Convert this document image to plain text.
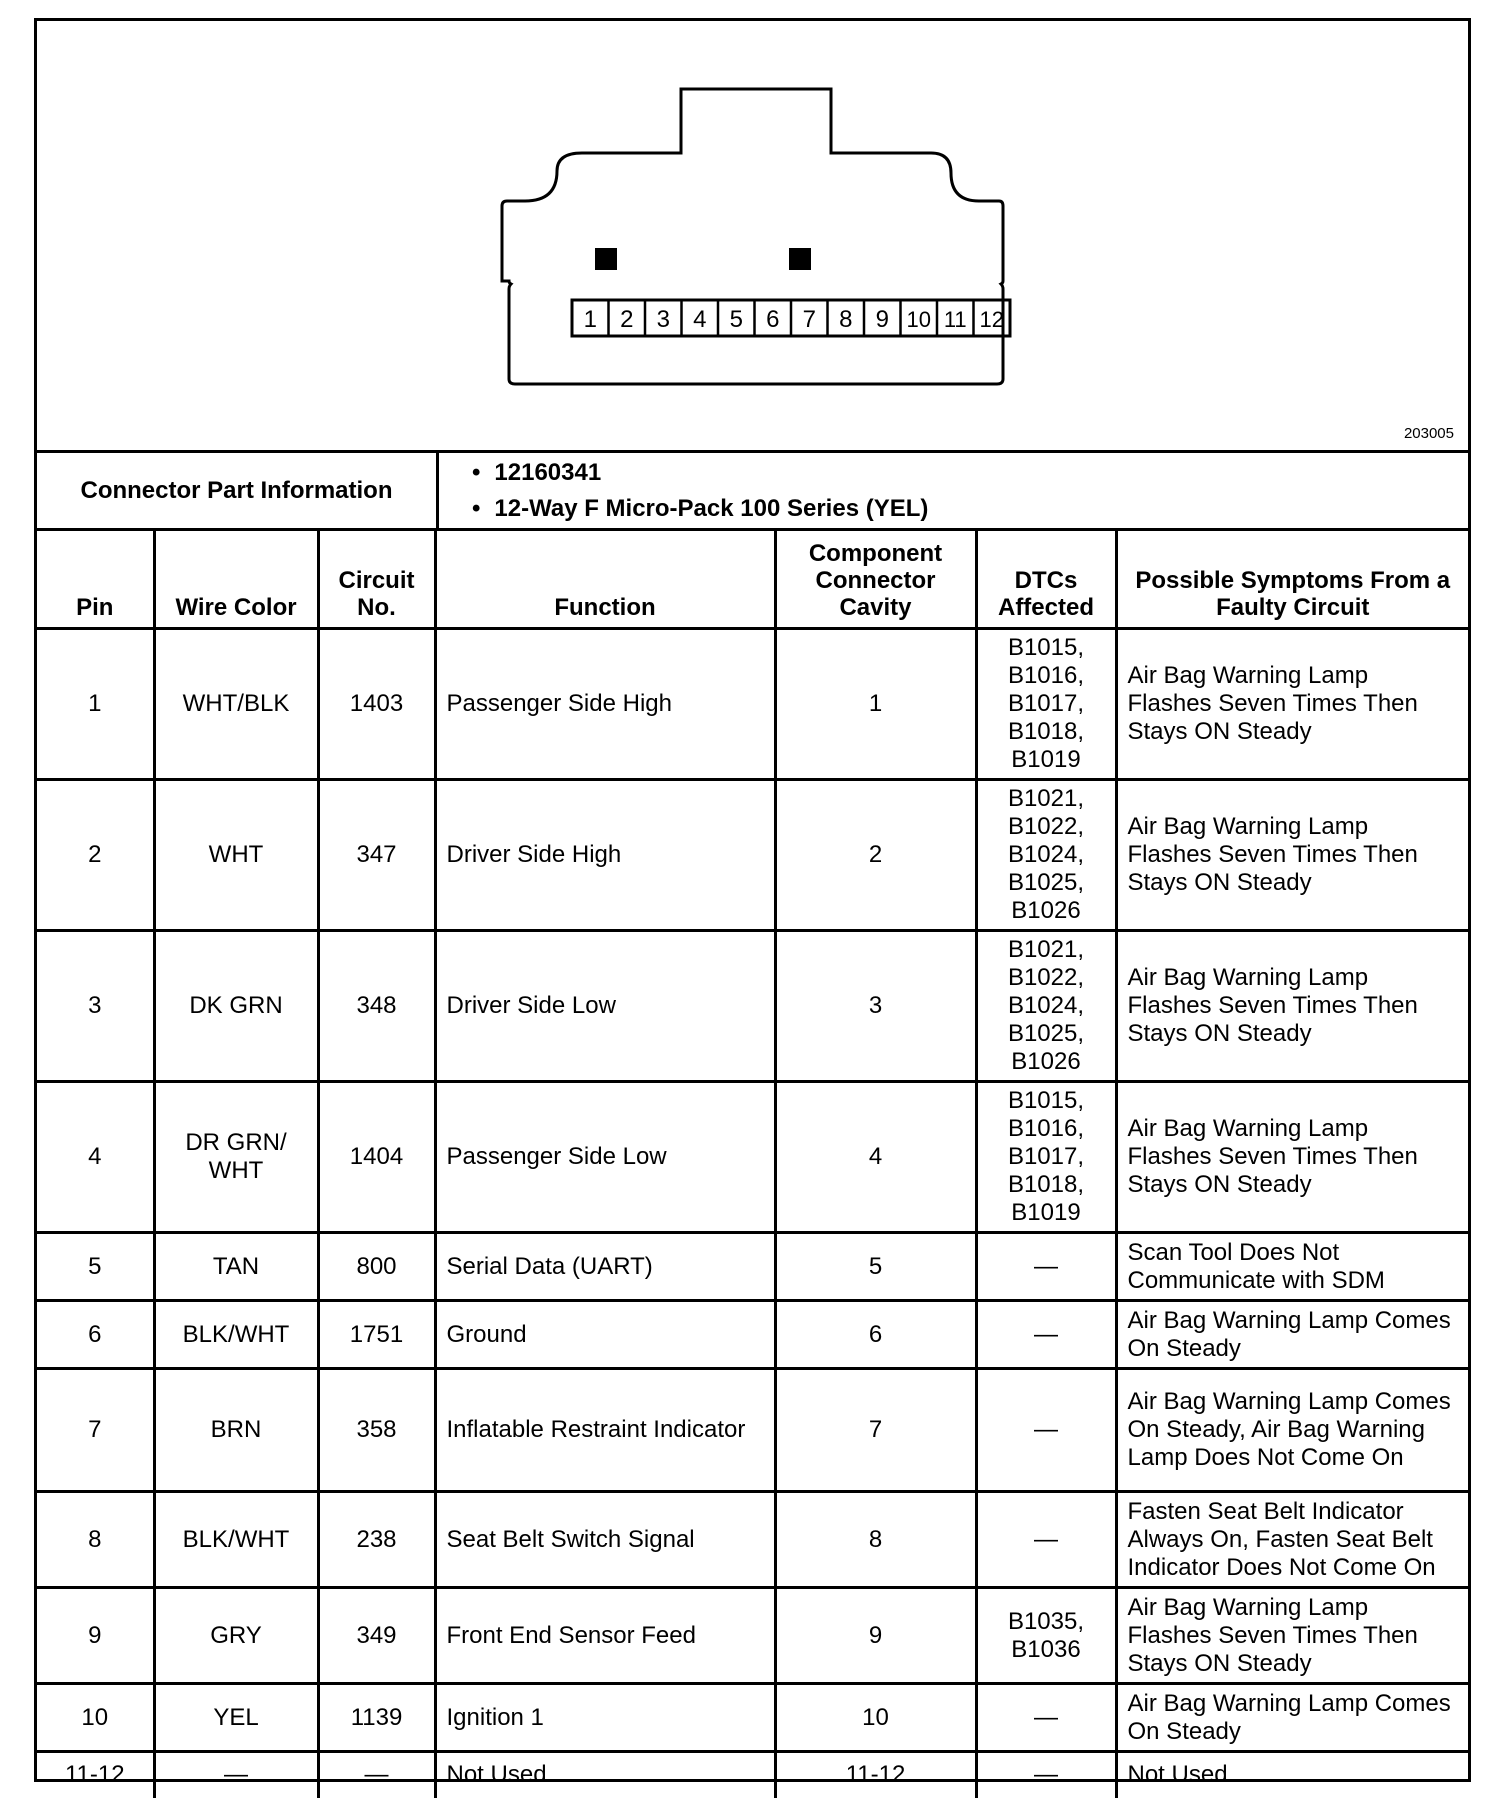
1 2 3 4 5 6 7 8 9 10 11 12
203005
Connector Part Information
• 12160341
• 12-Way F Micro-Pack 100 Series (YEL)
Pin	Wire Color	Circuit No.	Function	Component Connector Cavity	DTCs Affected	Possible Symptoms From a Faulty Circuit
1	WHT/BLK	1403	Passenger Side High	1	B1015,
B1016,
B1017,
B1018,
B1019	Air Bag Warning Lamp Flashes Seven Times Then Stays ON Steady
2	WHT	347	Driver Side High	2	B1021,
B1022,
B1024,
B1025,
B1026	Air Bag Warning Lamp Flashes Seven Times Then Stays ON Steady
3	DK GRN	348	Driver Side Low	3	B1021,
B1022,
B1024,
B1025,
B1026	Air Bag Warning Lamp Flashes Seven Times Then Stays ON Steady
4	DR GRN/ WHT	1404	Passenger Side Low	4	B1015,
B1016,
B1017,
B1018,
B1019	Air Bag Warning Lamp Flashes Seven Times Then Stays ON Steady
5	TAN	800	Serial Data (UART)	5	—	Scan Tool Does Not Communicate with SDM
6	BLK/WHT	1751	Ground	6	—	Air Bag Warning Lamp Comes On Steady
7	BRN	358	Inflatable Restraint Indicator	7	—	Air Bag Warning Lamp Comes On Steady, Air Bag Warning Lamp Does Not Come On
8	BLK/WHT	238	Seat Belt Switch Signal	8	—	Fasten Seat Belt Indicator Always On, Fasten Seat Belt Indicator Does Not Come On
9	GRY	349	Front End Sensor Feed	9	B1035,
B1036	Air Bag Warning Lamp Flashes Seven Times Then Stays ON Steady
10	YEL	1139	Ignition 1	10	—	Air Bag Warning Lamp Comes On Steady
11-12	—	—	Not Used	11-12	—	Not Used
